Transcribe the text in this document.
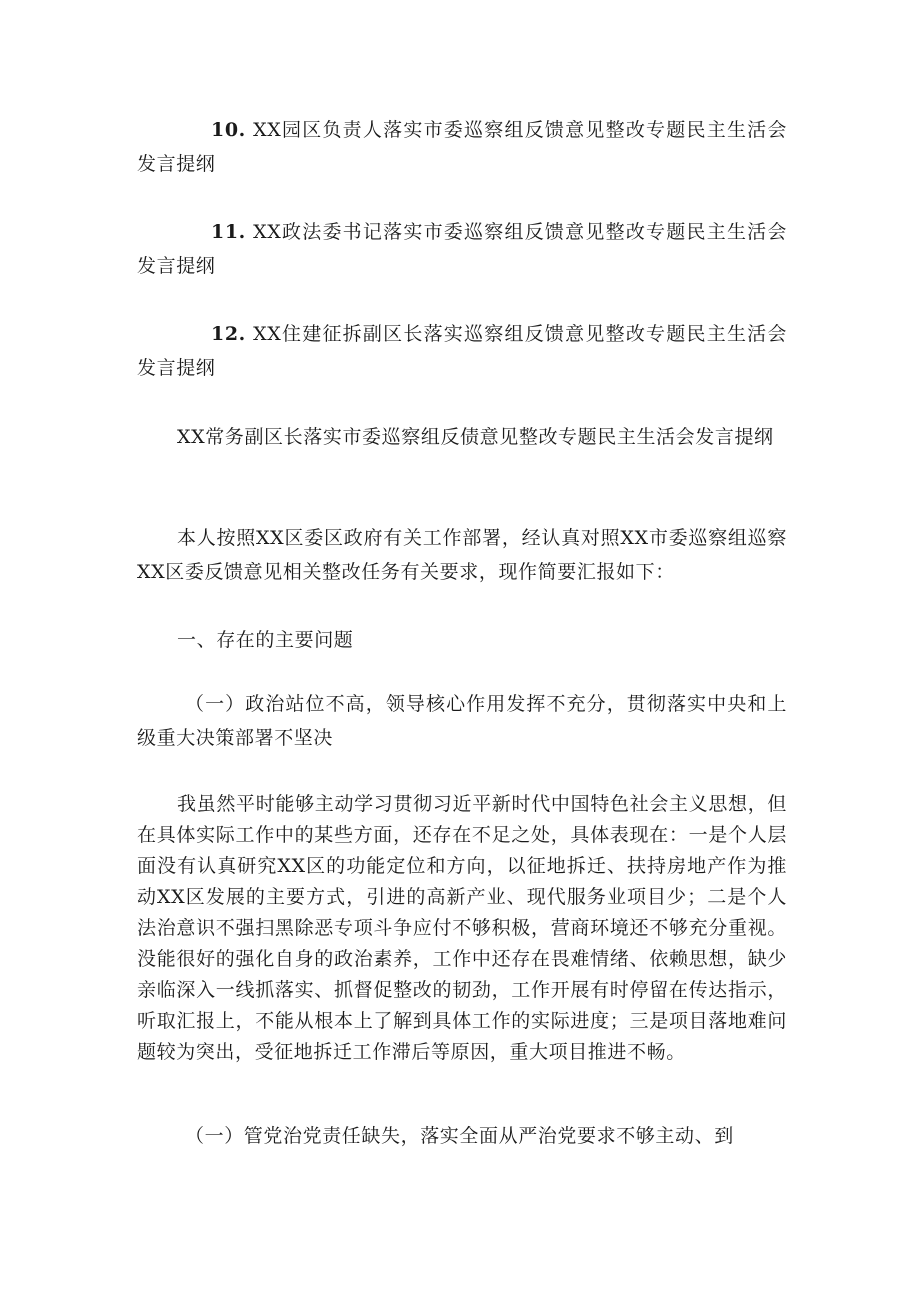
10. XX园区负责人落实市委巡察组反馈意见整改专题民主生活会发言提纲

11. XX政法委书记落实市委巡察组反馈意见整改专题民主生活会发言提纲

12. XX住建征拆副区长落实巡察组反馈意见整改专题民主生活会发言提纲

XX常务副区长落实市委巡察组反债意见整改专题民主生活会发言提纲

本人按照XX区委区政府有关工作部署，经认真对照XX市委巡察组巡察XX区委反馈意见相关整改任务有关要求，现作简要汇报如下：

一、存在的主要问题

（一）政治站位不高，领导核心作用发挥不充分，贯彻落实中央和上级重大决策部署不坚决

我虽然平时能够主动学习贯彻习近平新时代中国特色社会主义思想，但在具体实际工作中的某些方面，还存在不足之处，具体表现在：一是个人层面没有认真研究XX区的功能定位和方向，以征地拆迁、扶持房地产作为推动XX区发展的主要方式，引进的高新产业、现代服务业项目少；二是个人法治意识不强扫黑除恶专项斗争应付不够积极，营商环境还不够充分重视。没能很好的强化自身的政治素养，工作中还存在畏难情绪、依赖思想，缺少亲临深入一线抓落实、抓督促整改的韧劲，工作开展有时停留在传达指示，听取汇报上，不能从根本上了解到具体工作的实际进度；三是项目落地难问题较为突出，受征地拆迁工作滞后等原因，重大项目推进不畅。

（一）管党治党责任缺失，落实全面从严治党要求不够主动、到
